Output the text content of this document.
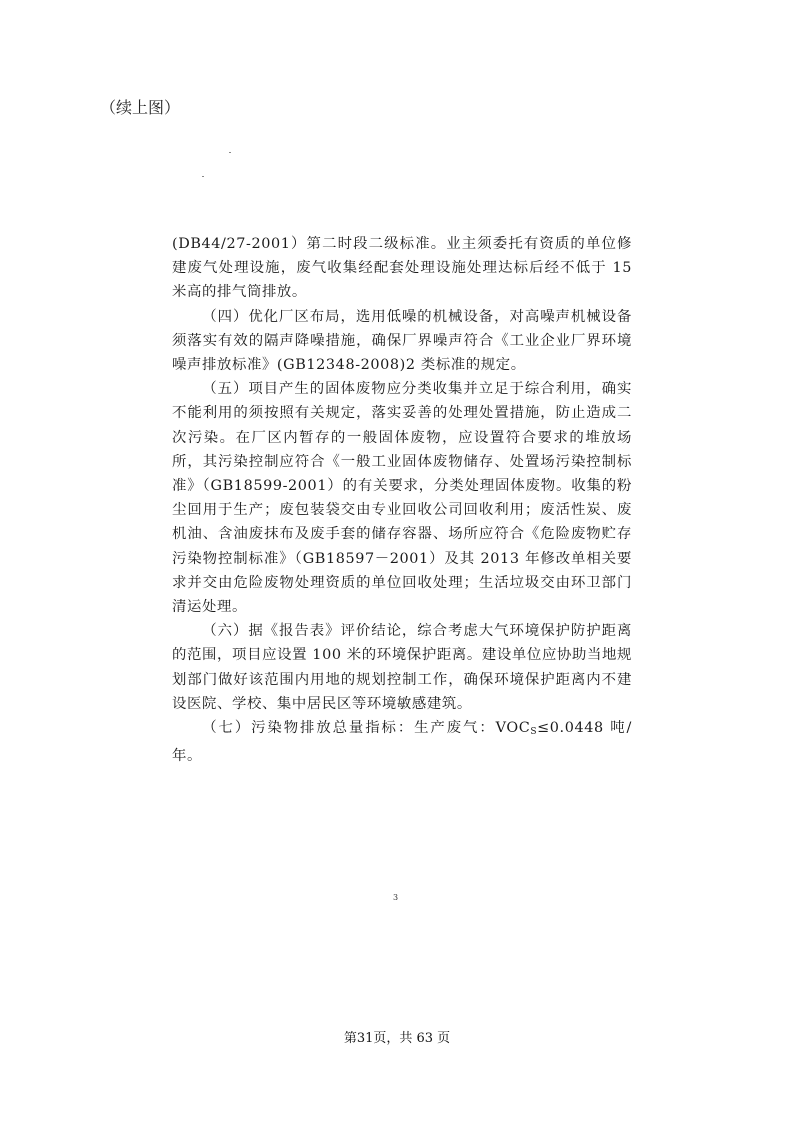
（续上图）

(DB44/27-2001）第二时段二级标准。业主须委托有资质的单位修建废气处理设施，废气收集经配套处理设施处理达标后经不低于 15 米高的排气筒排放。

（四）优化厂区布局，选用低噪的机械设备，对高噪声机械设备须落实有效的隔声降噪措施，确保厂界噪声符合《工业企业厂界环境噪声排放标准》(GB12348-2008)2 类标准的规定。

（五）项目产生的固体废物应分类收集并立足于综合利用，确实不能利用的须按照有关规定，落实妥善的处理处置措施，防止造成二次污染。在厂区内暂存的一般固体废物，应设置符合要求的堆放场所，其污染控制应符合《一般工业固体废物储存、处置场污染控制标准》（GB18599-2001）的有关要求，分类处理固体废物。收集的粉尘回用于生产；废包装袋交由专业回收公司回收利用；废活性炭、废机油、含油废抹布及废手套的储存容器、场所应符合《危险废物贮存污染物控制标准》（GB18597－2001）及其 2013 年修改单相关要求并交由危险废物处理资质的单位回收处理；生活垃圾交由环卫部门清运处理。

（六）据《报告表》评价结论，综合考虑大气环境保护防护距离的范围，项目应设置 100 米的环境保护距离。建设单位应协助当地规划部门做好该范围内用地的规划控制工作，确保环境保护距离内不建设医院、学校、集中居民区等环境敏感建筑。

（七）污染物排放总量指标：生产废气：$VOC_S\le 0.0448$ 吨/年。

3
第31页，共 63 页
